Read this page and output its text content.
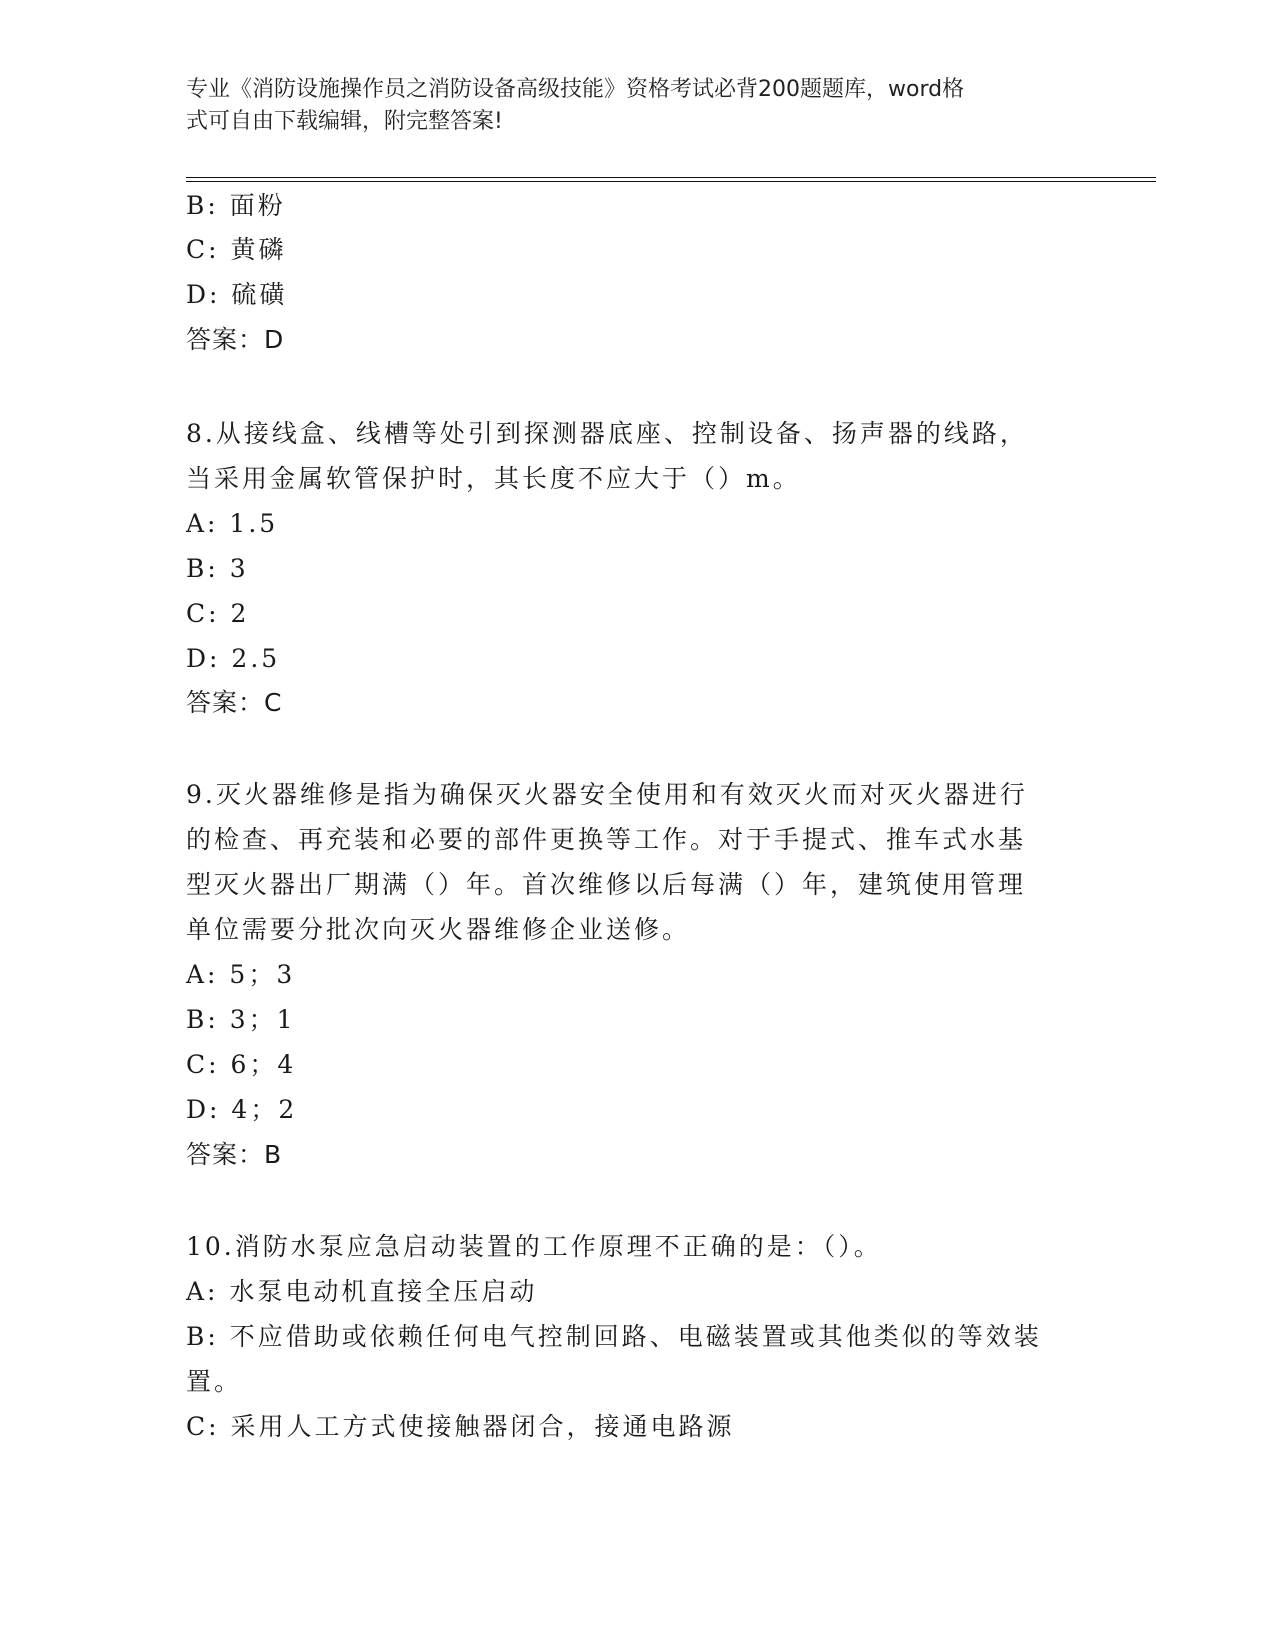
专业《消防设施操作员之消防设备高级技能》资格考试必背200题题库，word格
式可自由下载编辑，附完整答案!
B: 面粉
C: 黄磷
D: 硫磺
答案：D
8.从接线盒、线槽等处引到探测器底座、控制设备、扬声器的线路，
当采用金属软管保护时，其长度不应大于（）m。
A: 1.5
B: 3
C: 2
D: 2.5
答案：C
9.灭火器维修是指为确保灭火器安全使用和有效灭火而对灭火器进行
的检查、再充装和必要的部件更换等工作。对于手提式、推车式水基
型灭火器出厂期满（）年。首次维修以后每满（）年，建筑使用管理
单位需要分批次向灭火器维修企业送修。
A: 5；3
B: 3；1
C: 6；4
D: 4；2
答案：B
10.消防水泵应急启动装置的工作原理不正确的是：（）。
A: 水泵电动机直接全压启动
B: 不应借助或依赖任何电气控制回路、电磁装置或其他类似的等效装
置。
C: 采用人工方式使接触器闭合，接通电路源
